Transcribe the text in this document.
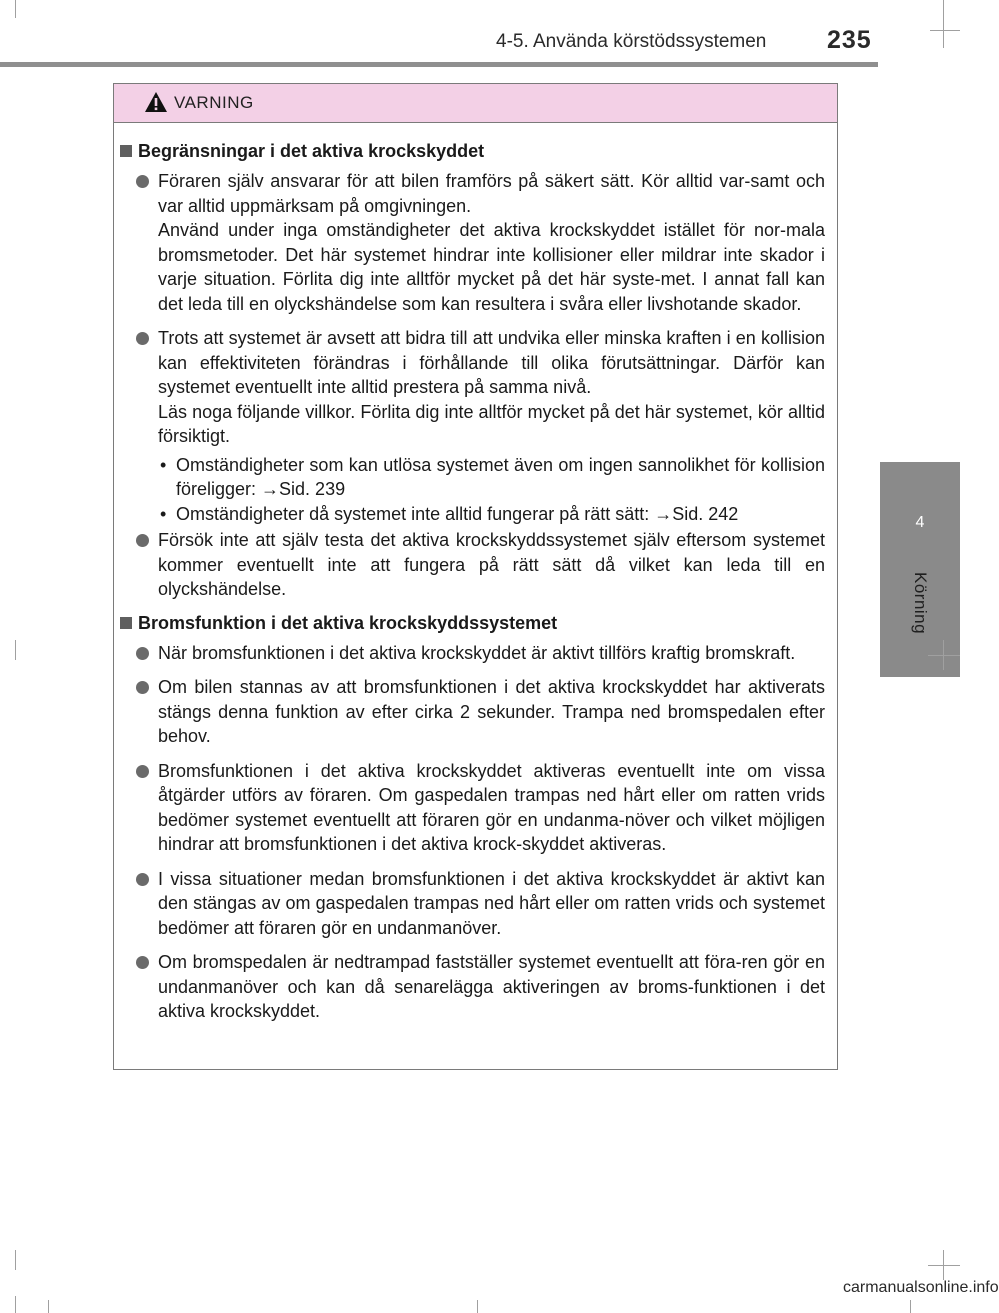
4-5. Använda körstödssystemen 235
4
Körning
VARNING
Begränsningar i det aktiva krockskyddet

Föraren själv ansvarar för att bilen framförs på säkert sätt. Kör alltid var-samt och var alltid uppmärksam på omgivningen.

Använd under inga omständigheter det aktiva krockskyddet istället för nor-mala bromsmetoder. Det här systemet hindrar inte kollisioner eller mildrar inte skador i varje situation. Förlita dig inte alltför mycket på det här syste-met. I annat fall kan det leda till en olyckshändelse som kan resultera i svåra eller livshotande skador.

Trots att systemet är avsett att bidra till att undvika eller minska kraften i en kollision kan effektiviteten förändras i förhållande till olika förutsättningar. Därför kan systemet eventuellt inte alltid prestera på samma nivå.

Läs noga följande villkor. Förlita dig inte alltför mycket på det här systemet, kör alltid försiktigt.

• Omständigheter som kan utlösa systemet även om ingen sannolikhet för kollision föreligger: →Sid. 239
• Omständigheter då systemet inte alltid fungerar på rätt sätt: →Sid. 242

Försök inte att själv testa det aktiva krockskyddssystemet själv eftersom systemet kommer eventuellt inte att fungera på rätt sätt då vilket kan leda till en olyckshändelse.

Bromsfunktion i det aktiva krockskyddssystemet

När bromsfunktionen i det aktiva krockskyddet är aktivt tillförs kraftig bromskraft.

Om bilen stannas av att bromsfunktionen i det aktiva krockskyddet har aktiverats stängs denna funktion av efter cirka 2 sekunder. Trampa ned bromspedalen efter behov.

Bromsfunktionen i det aktiva krockskyddet aktiveras eventuellt inte om vissa åtgärder utförs av föraren. Om gaspedalen trampas ned hårt eller om ratten vrids bedömer systemet eventuellt att föraren gör en undanma-növer och vilket möjligen hindrar att bromsfunktionen i det aktiva krock-skyddet aktiveras.

I vissa situationer medan bromsfunktionen i det aktiva krockskyddet är aktivt kan den stängas av om gaspedalen trampas ned hårt eller om ratten vrids och systemet bedömer att föraren gör en undanmanöver.

Om bromspedalen är nedtrampad fastställer systemet eventuellt att föra-ren gör en undanmanöver och kan då senarelägga aktiveringen av broms-funktionen i det aktiva krockskyddet.

carmanualsonline.info
